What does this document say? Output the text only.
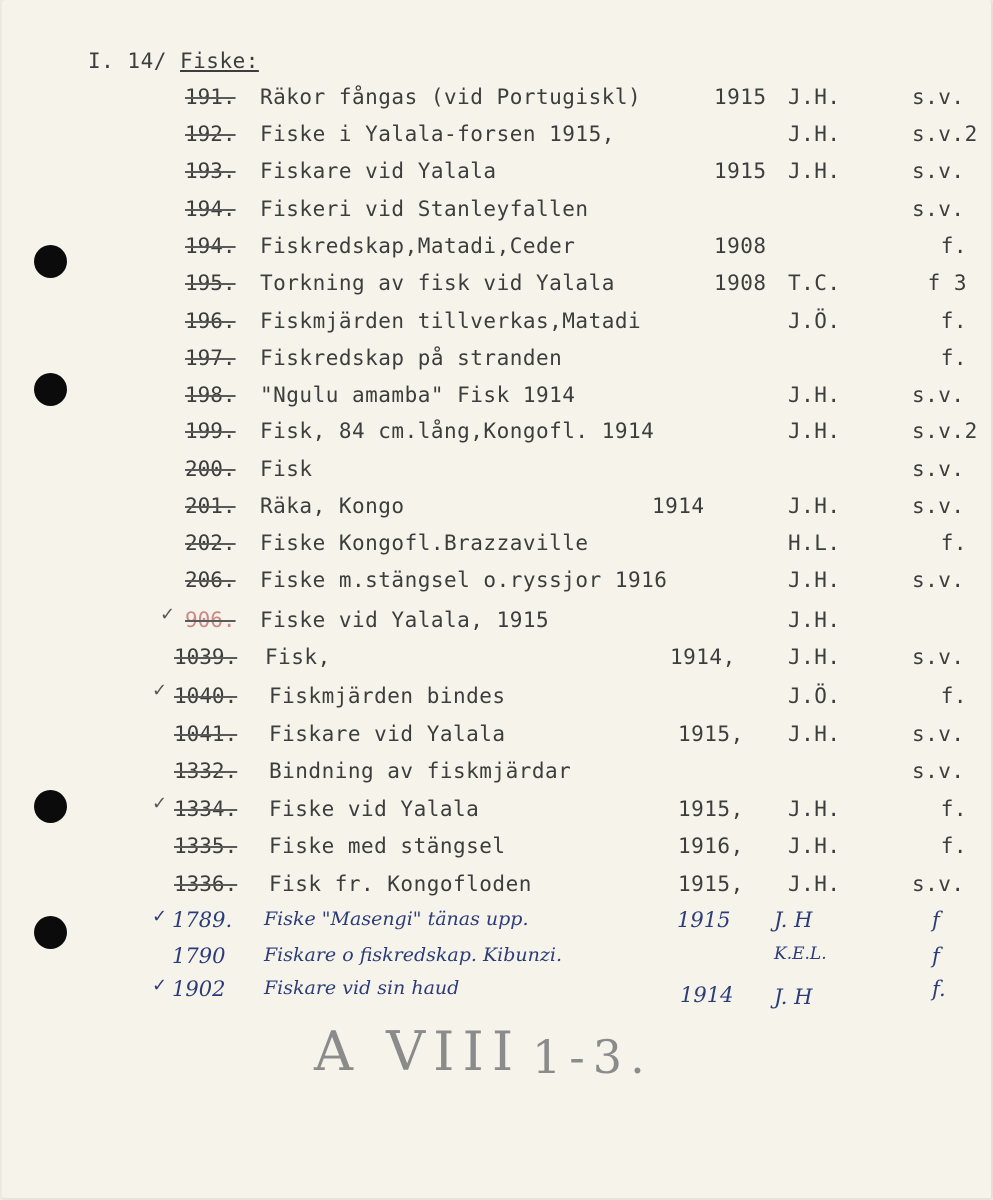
I. 14/ Fiske:
191. Räkor fångas (vid Portugiskl)	1915 J.H.	s.v.
192. Fiske i Yalala-forsen 1915,	J.H.	s.v.2
193. Fiskare vid Yalala	1915 J.H.	s.v.
194. Fiskeri vid Stanleyfallen	s.v.
194. Fiskredskap,Matadi,Ceder	1908	f.
195. Torkning av fisk vid Yalala	1908 T.C.	f 3
196. Fiskmjärden tillverkas,Matadi	J.Ö.	f.
197. Fiskredskap på stranden	f.
198. "Ngulu amamba" Fisk 1914	J.H.	s.v.
199. Fisk, 84 cm.lång,Kongofl. 1914	J.H.	s.v.2
200. Fisk	s.v.
201. Räka, Kongo	1914	J.H.	s.v.
202. Fiske Kongofl.Brazzaville	H.L.	f.
206. Fiske m.stängsel o.ryssjor 1916	J.H.	s.v.
906. Fiske vid Yalala, 1915	J.H.
✓
1039. Fisk,	1914, J.H.	s.v.
1040. Fiskmjärden bindes	J.Ö.	f.
✓
1041. Fiskare vid Yalala	1915, J.H.	s.v.
1332. Bindning av fiskmjärdar	s.v.
1334. Fiske vid Yalala	1915, J.H.	f.
✓
1335. Fiske med stängsel	1916, J.H.	f.
1336. Fisk fr. Kongofloden	1915, J.H.	s.v.
1789. Fiske "Masengi" tänas upp.	1915 J. H	f
✓
1790 Fiskare o fiskredskap. Kibunzi.	K.E.L.	f
1902 Fiskare vid sin haud	1914 J. H	f.
✓
A VIII 1-3.
